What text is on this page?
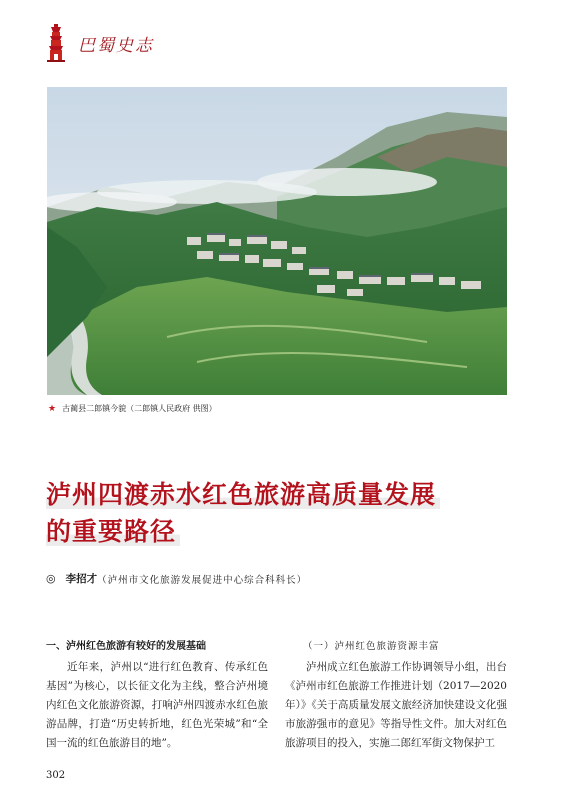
巴蜀史志
★ 古蔺县二郎镇今貌（二郎镇人民政府 供图）
泸州四渡赤水红色旅游高质量发展
的重要路径
◎ 李招才 （泸州市文化旅游发展促进中心综合科科长）

一、泸州红色旅游有较好的发展基础

近年来，泸州以“进行红色教育、传承红色基因”为核心，以长征文化为主线，整合泸州境内红色文化旅游资源，打响泸州四渡赤水红色旅游品牌，打造“历史转折地，红色光荣城”和“全国一流的红色旅游目的地”。

（一）泸州红色旅游资源丰富

泸州成立红色旅游工作协调领导小组，出台《泸州市红色旅游工作推进计划（2017—2020年）》《关于高质量发展文旅经济加快建设文化强市旅游强市的意见》等指导性文件。加大对红色旅游项目的投入，实施二郎红军街文物保护工

302
